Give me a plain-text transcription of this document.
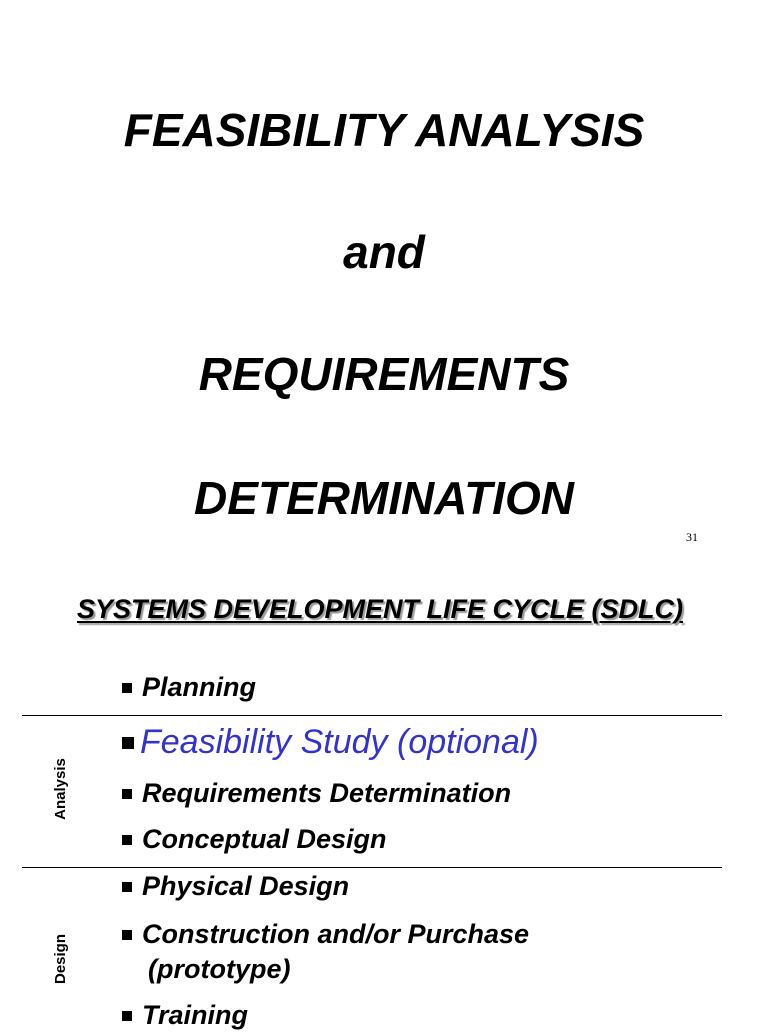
FEASIBILITY ANALYSIS
and
REQUIREMENTS
DETERMINATION
31
SYSTEMS DEVELOPMENT LIFE CYCLE (SDLC)
Analysis
Design
Planning
Feasibility Study (optional)
Requirements Determination
Conceptual Design
Physical Design
Construction and/or Purchase
(prototype)
Training
